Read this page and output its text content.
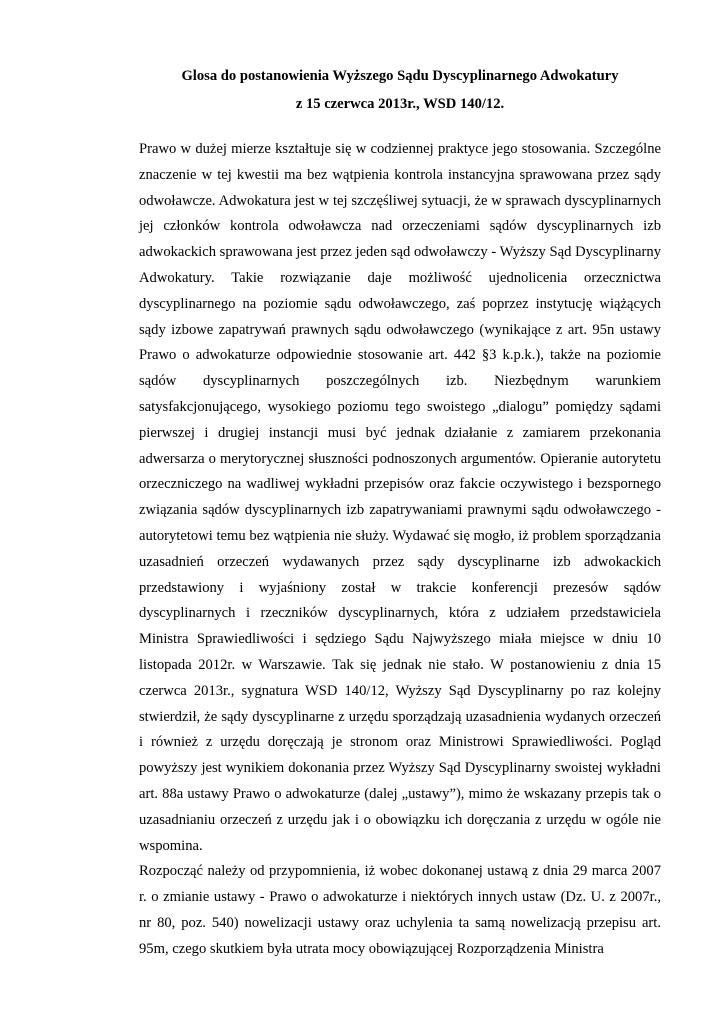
Glosa do postanowienia Wyższego Sądu Dyscyplinarnego Adwokatury
z 15 czerwca 2013r., WSD 140/12.

Prawo w dużej mierze kształtuje się w codziennej praktyce jego stosowania. Szczególne znaczenie w tej kwestii ma bez wątpienia kontrola instancyjna sprawowana przez sądy odwoławcze. Adwokatura jest w tej szczęśliwej sytuacji, że w sprawach dyscyplinarnych jej członków kontrola odwoławcza nad orzeczeniami sądów dyscyplinarnych izb adwokackich sprawowana jest przez jeden sąd odwoławczy - Wyższy Sąd Dyscyplinarny Adwokatury. Takie rozwiązanie daje możliwość ujednolicenia orzecznictwa dyscyplinarnego na poziomie sądu odwoławczego, zaś poprzez instytucję wiążących sądy izbowe zapatrywań prawnych sądu odwoławczego (wynikające z art. 95n ustawy Prawo o adwokaturze odpowiednie stosowanie art. 442 §3 k.p.k.), także na poziomie sądów dyscyplinarnych poszczególnych izb. Niezbędnym warunkiem satysfakcjonującego, wysokiego poziomu tego swoistego „dialogu” pomiędzy sądami pierwszej i drugiej instancji musi być jednak działanie z zamiarem przekonania adwersarza o merytorycznej słuszności podnoszonych argumentów. Opieranie autorytetu orzeczniczego na wadliwej wykładni przepisów oraz fakcie oczywistego i bezspornego związania sądów dyscyplinarnych izb zapatrywaniami prawnymi sądu odwoławczego - autorytetowi temu bez wątpienia nie służy. Wydawać się mogło, iż problem sporządzania uzasadnień orzeczeń wydawanych przez sądy dyscyplinarne izb adwokackich przedstawiony i wyjaśniony został w trakcie konferencji prezesów sądów dyscyplinarnych i rzeczników dyscyplinarnych, która z udziałem przedstawiciela Ministra Sprawiedliwości i sędziego Sądu Najwyższego miała miejsce w dniu 10 listopada 2012r. w Warszawie. Tak się jednak nie stało. W postanowieniu z dnia 15 czerwca 2013r., sygnatura WSD 140/12, Wyższy Sąd Dyscyplinarny po raz kolejny stwierdził, że sądy dyscyplinarne z urzędu sporządzają uzasadnienia wydanych orzeczeń i również z urzędu doręczają je stronom oraz Ministrowi Sprawiedliwości. Pogląd powyższy jest wynikiem dokonania przez Wyższy Sąd Dyscyplinarny swoistej wykładni art. 88a ustawy Prawo o adwokaturze (dalej „ustawy”), mimo że wskazany przepis tak o uzasadnianiu orzeczeń z urzędu jak i o obowiązku ich doręczania z urzędu w ogóle nie wspomina.

Rozpocząć należy od przypomnienia, iż wobec dokonanej ustawą z dnia 29 marca 2007 r. o zmianie ustawy - Prawo o adwokaturze i niektórych innych ustaw (Dz. U. z 2007r., nr 80, poz. 540) nowelizacji ustawy oraz uchylenia ta samą nowelizacją przepisu art. 95m, czego skutkiem była utrata mocy obowiązującej Rozporządzenia Ministra
